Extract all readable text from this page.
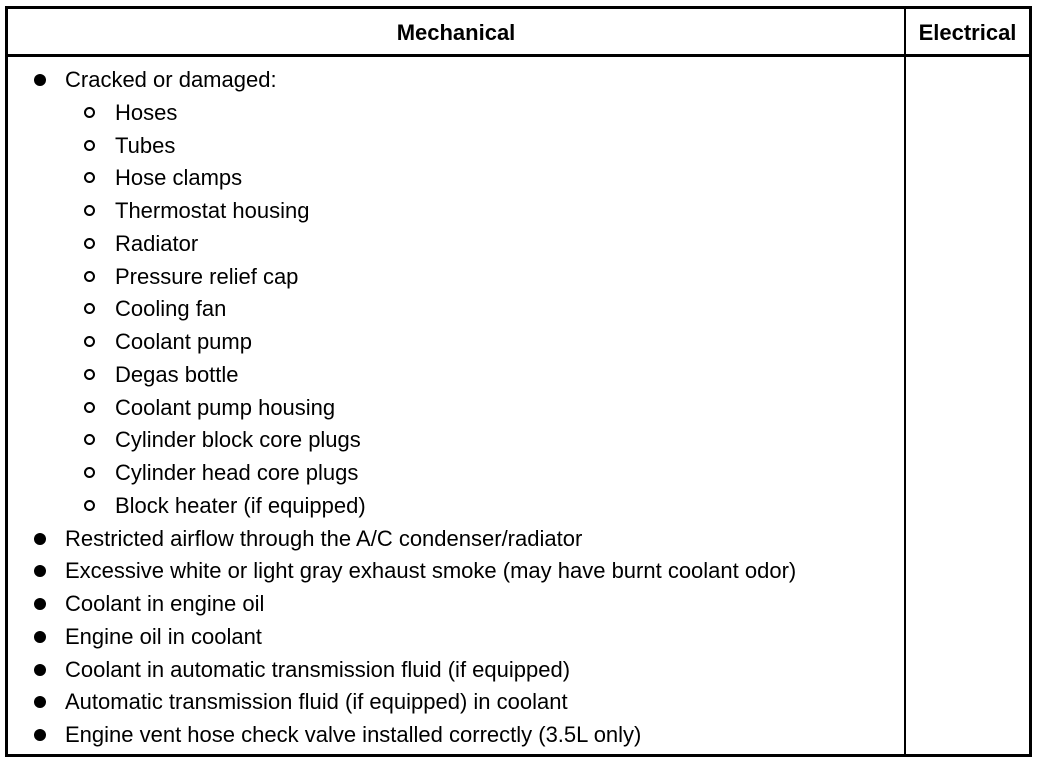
Mechanical	Electrical
Cracked or damaged:
Hoses
Tubes
Hose clamps
Thermostat housing
Radiator
Pressure relief cap
Cooling fan
Coolant pump
Degas bottle
Coolant pump housing
Cylinder block core plugs
Cylinder head core plugs
Block heater (if equipped)
Restricted airflow through the A/C condenser/radiator
Excessive white or light gray exhaust smoke (may have burnt coolant odor)
Coolant in engine oil
Engine oil in coolant
Coolant in automatic transmission fluid (if equipped)
Automatic transmission fluid (if equipped) in coolant
Engine vent hose check valve installed correctly (3.5L only)
